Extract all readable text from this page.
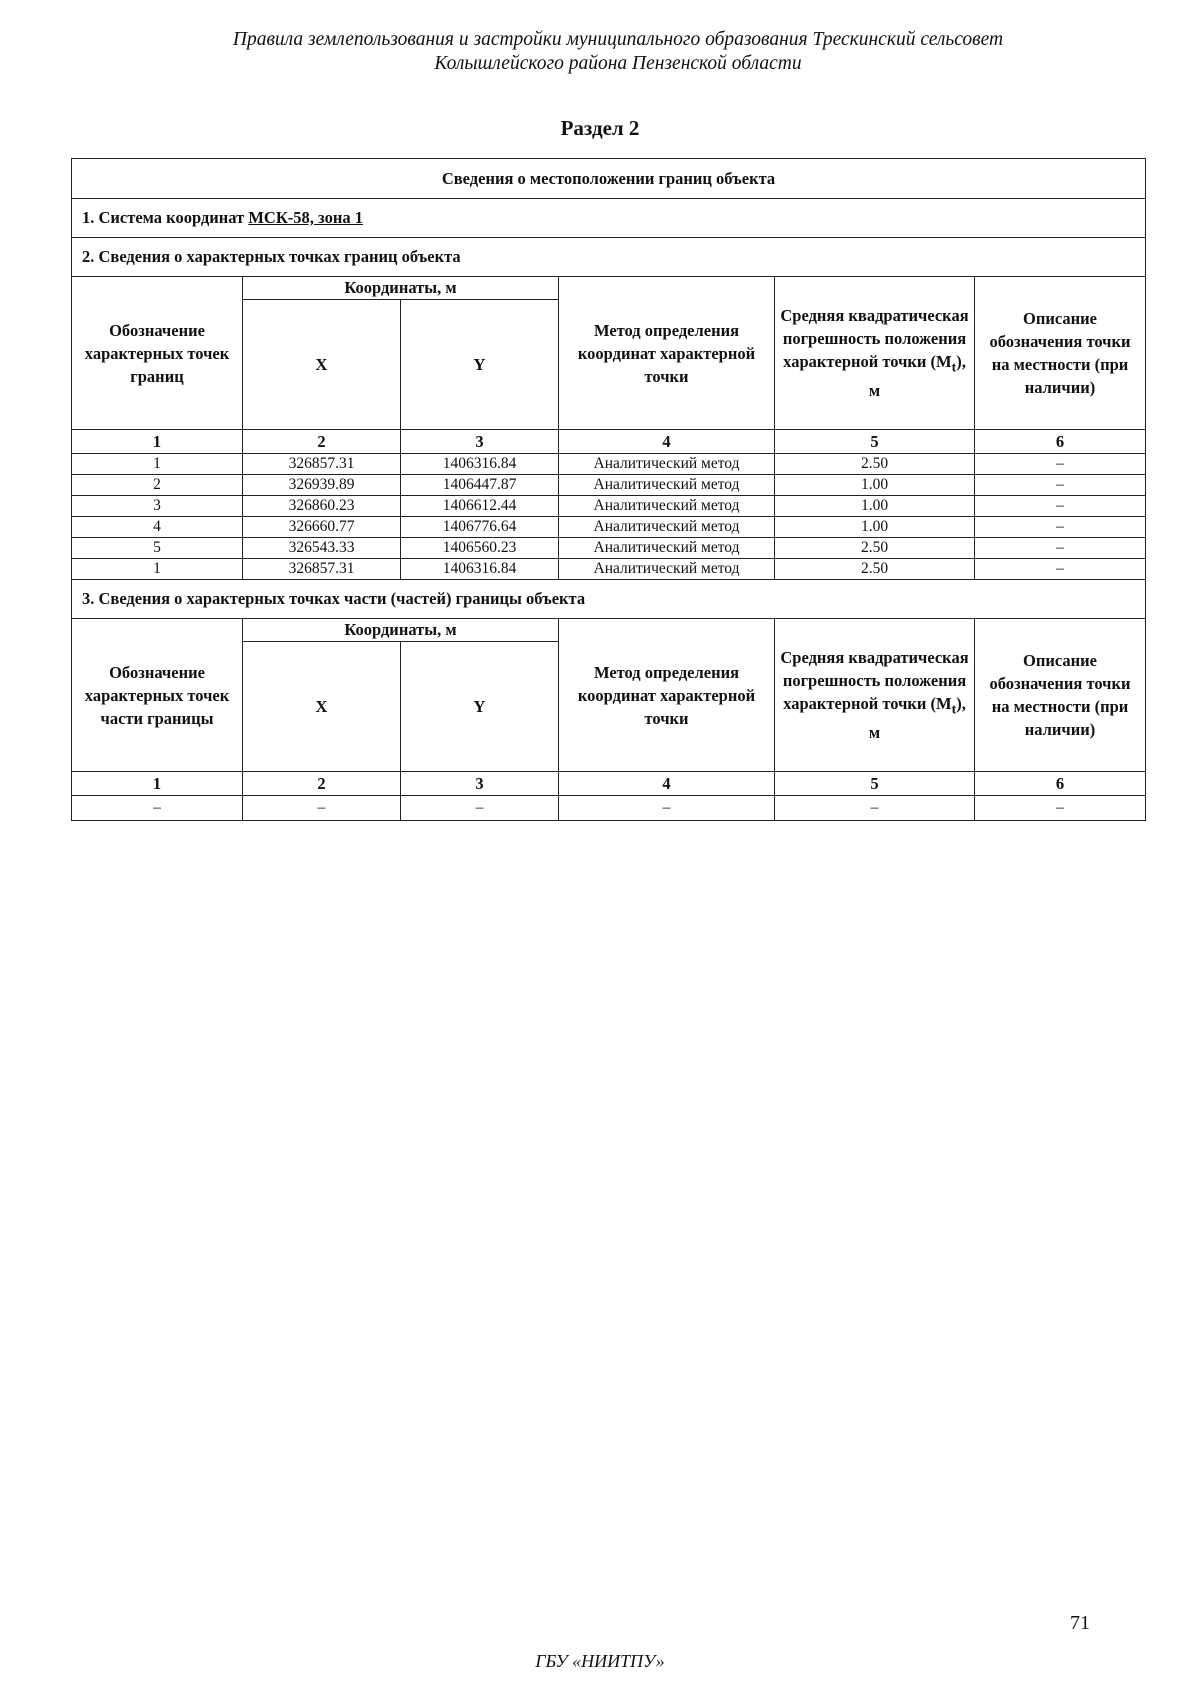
Правила землепользования и застройки муниципального образования Трескинский сельсовет
Колышлейского района Пензенской области
Раздел 2
Сведения о местоположении границ объекта					
1. Система координат МСК-58, зона 1					
2. Сведения о характерных точках границ объекта					
Обозначение характерных точек границ	Координаты, м		Метод определения координат характерной точки	Средняя квадратическая погрешность положения характерной точки $(М_t)$, м	Описание обозначения точки на местности (при наличии)
	X	Y			
1	2	3	4	5	6
1	326857.31	1406316.84	Аналитический метод	2.50	–
2	326939.89	1406447.87	Аналитический метод	1.00	–
3	326860.23	1406612.44	Аналитический метод	1.00	–
4	326660.77	1406776.64	Аналитический метод	1.00	–
5	326543.33	1406560.23	Аналитический метод	2.50	–
1	326857.31	1406316.84	Аналитический метод	2.50	–
3. Сведения о характерных точках части (частей) границы объекта					
Обозначение характерных точек части границы	Координаты, м		Метод определения координат характерной точки	Средняя квадратическая погрешность положения характерной точки $(М_t)$, м	Описание обозначения точки на местности (при наличии)
	X	Y			
1	2	3	4	5	6
–	–	–	–	–	–
71
ГБУ «НИИТПУ»
